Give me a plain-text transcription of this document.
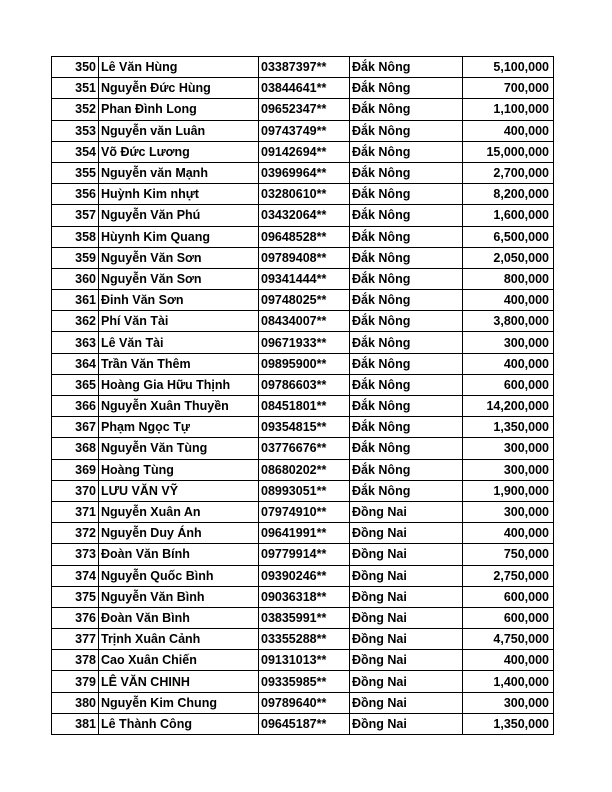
350	Lê Văn Hùng	03387397**	Đắk Nông	5,100,000
351	Nguyễn Đức Hùng	03844641**	Đắk Nông	700,000
352	Phan Đình Long	09652347**	Đắk Nông	1,100,000
353	Nguyễn văn Luân	09743749**	Đắk Nông	400,000
354	Võ Đức Lương	09142694**	Đắk Nông	15,000,000
355	Nguyễn văn Mạnh	03969964**	Đắk Nông	2,700,000
356	Huỳnh Kim nhựt	03280610**	Đắk Nông	8,200,000
357	Nguyễn Văn Phú	03432064**	Đắk Nông	1,600,000
358	Hùynh Kim Quang	09648528**	Đắk Nông	6,500,000
359	Nguyễn Văn Sơn	09789408**	Đắk Nông	2,050,000
360	Nguyễn Văn Sơn	09341444**	Đắk Nông	800,000
361	Đinh Văn Sơn	09748025**	Đắk Nông	400,000
362	Phí Văn Tài	08434007**	Đắk Nông	3,800,000
363	Lê Văn Tài	09671933**	Đắk Nông	300,000
364	Trần Văn Thêm	09895900**	Đắk Nông	400,000
365	Hoàng Gia Hữu Thịnh	09786603**	Đắk Nông	600,000
366	Nguyễn Xuân Thuyền	08451801**	Đắk Nông	14,200,000
367	Phạm Ngọc Tự	09354815**	Đắk Nông	1,350,000
368	Nguyễn Văn Tùng	03776676**	Đắk Nông	300,000
369	Hoàng Tùng	08680202**	Đắk Nông	300,000
370	LƯU VĂN VỸ	08993051**	Đắk Nông	1,900,000
371	Nguyễn Xuân An	07974910**	Đồng Nai	300,000
372	Nguyễn Duy Ánh	09641991**	Đồng Nai	400,000
373	Đoàn Văn Bính	09779914**	Đồng Nai	750,000
374	Nguyễn Quốc Bình	09390246**	Đồng Nai	2,750,000
375	Nguyễn Văn Bình	09036318**	Đồng Nai	600,000
376	Đoàn Văn Bình	03835991**	Đồng Nai	600,000
377	Trịnh Xuân Cảnh	03355288**	Đồng Nai	4,750,000
378	Cao Xuân Chiến	09131013**	Đồng Nai	400,000
379	LÊ VĂN CHINH	09335985**	Đồng Nai	1,400,000
380	Nguyễn Kim Chung	09789640**	Đồng Nai	300,000
381	Lê Thành Công	09645187**	Đồng Nai	1,350,000
